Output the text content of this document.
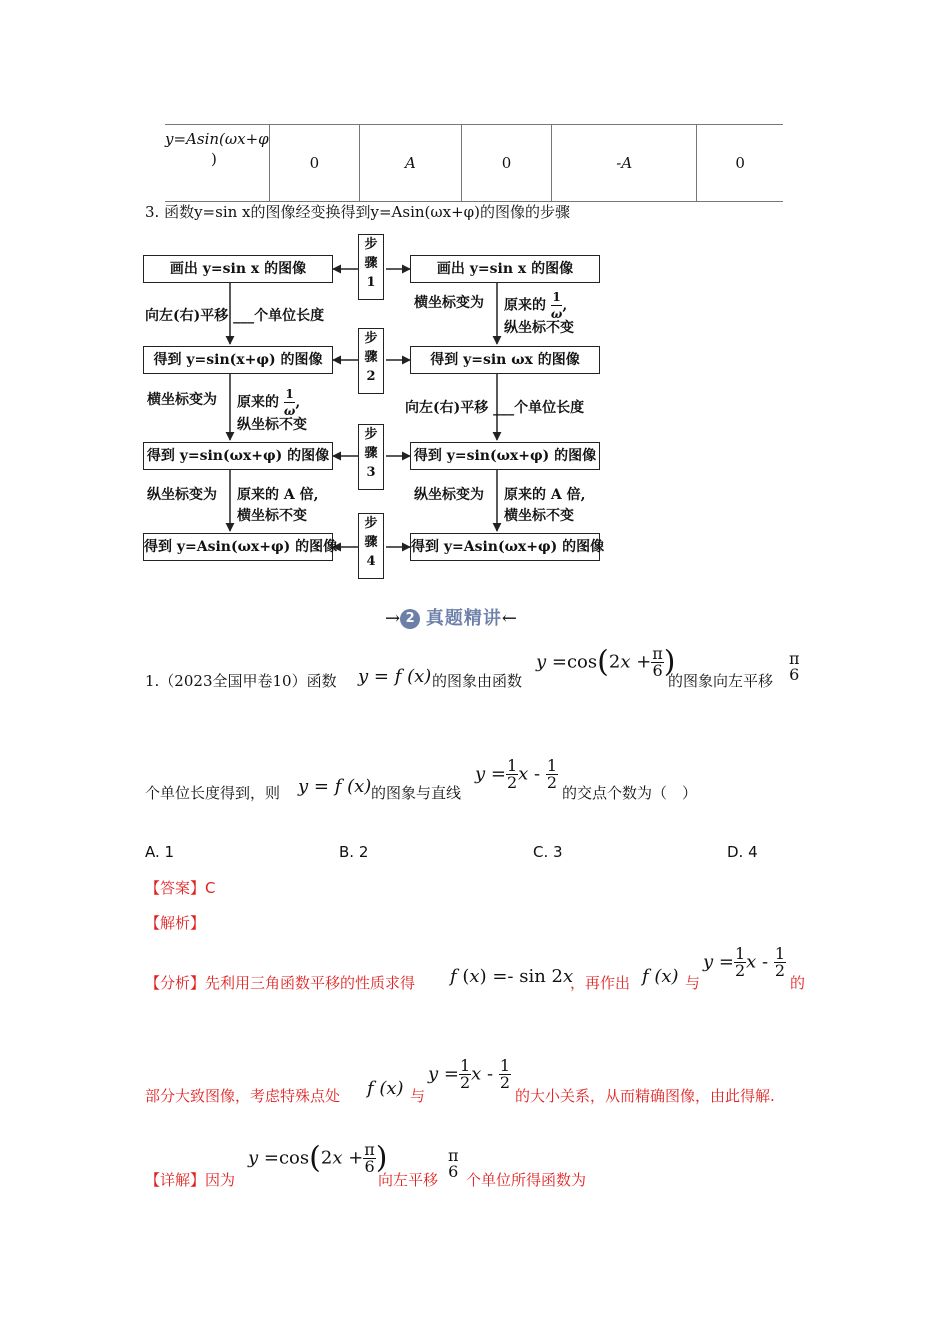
y=Asin(ωx+φ
)	0	A	0	-A	0
3. 函数y=sin x的图像经变换得到y=Asin(ωx+φ)的图像的步骤
画出 y=sin x 的图像
得到 y=sin(x+φ) 的图像
得到 y=sin(ωx+φ) 的图像
得到 y=Asin(ωx+φ) 的图像
画出 y=sin x 的图像
得到 y=sin ωx 的图像
得到 y=sin(ωx+φ) 的图像
得到 y=Asin(ωx+φ) 的图像
步
骤
1
步
骤
2
步
骤
3
步
骤
4
向左(右)平移 ___个单位长度
横坐标变为 原来的 $\frac{1}{\omega}$ ,
纵坐标不变
纵坐标变为 原来的 A 倍,
横坐标不变
横坐标变为 原来的 $\frac{1}{\omega}$ ,
纵坐标不变
向左(右)平移 ___个单位长度
纵坐标变为 原来的 A 倍,
横坐标不变
→ 2 真题精讲←
1.（2023全国甲卷10）函数 y = f (x) 的图象由函数
$y =\cos(2x + \frac{\pi}{6}$ )
的图象向左平移
π
6
个单位长度得到，则 y = f (x) 的图象与直线
$y = \frac{1}{2}$ x - $\frac{1}{2}$
的交点个数为（　）
A. 1	B. 2	C. 3	D. 4
【答案】C
【解析】
【分析】先利用三角函数平移的性质求得 f (x) =- sin 2x
，再作出 f (x) 与
$y = \frac{1}{2}$ x - $\frac{1}{2}$
的
部分大致图像，考虑特殊点处 f (x) 与
$y = \frac{1}{2}$ x - $\frac{1}{2}$
的大小关系，从而精确图像，由此得解.
【详解】因为
$y =\cos(2x + \frac{\pi}{6}$ )
向左平移
π
6 个单位所得函数为
